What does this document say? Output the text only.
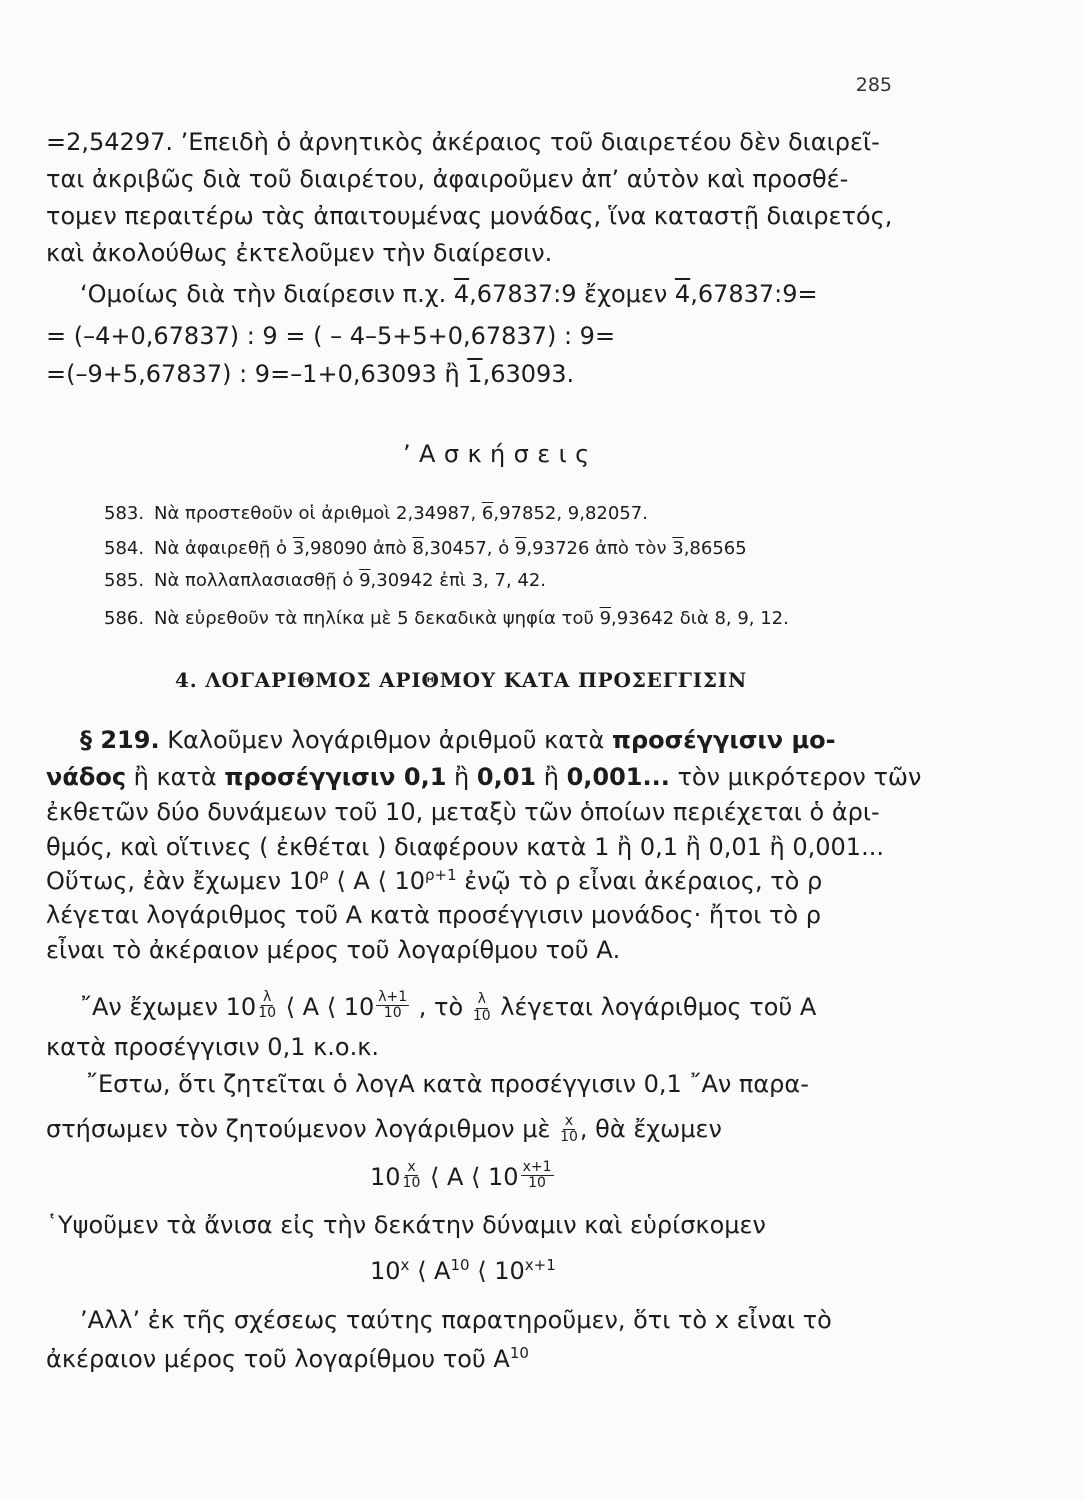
285
=2,54297. ’Επειδὴ ὁ ἀρνητικὸς ἀκέραιος τοῦ διαιρετέου δὲν διαιρεῖ-
ται ἀκριβῶς διὰ τοῦ διαιρέτου, ἀφαιροῦμεν ἀπ’ αὐτὸν καὶ προσθέ-
τομεν περαιτέρω τὰς ἀπαιτουμένας μονάδας, ἵνα καταστῇ διαιρετός,
καὶ ἀκολούθως ἐκτελοῦμεν τὴν διαίρεσιν.
‘Ομοίως διὰ τὴν διαίρεσιν π.χ. 4,67837:9 ἔχομεν 4,67837:9=
= (–4+0,67837) : 9 = ( – 4–5+5+0,67837) : 9=
=(–9+5,67837) : 9=–1+0,63093 ἢ 1,63093.
’Ασκήσεις
583. Νὰ προστεθοῦν οἱ ἀριθμοὶ 2,34987, 6,97852, 9,82057.
584. Νὰ ἀφαιρεθῇ ὁ 3,98090 ἀπὸ 8,30457, ὁ 9,93726 ἀπὸ τὸν 3,86565
585. Νὰ πολλαπλασιασθῇ ὁ 9,30942 ἐπὶ 3, 7, 42.
586. Νὰ εὑρεθοῦν τὰ πηλίκα μὲ 5 δεκαδικὰ ψηφία τοῦ 9,93642 διὰ 8, 9, 12.
4. ΛΟΓΑΡΙΘΜΟΣ ΑΡΙΘΜΟΥ ΚΑΤΑ ΠΡΟΣΕΓΓΙΣΙΝ
§ 219. Καλοῦμεν λογάριθμον ἀριθμοῦ κατὰ προσέγγισιν μο-
νάδος ἢ κατὰ προσέγγισιν 0,1 ἢ 0,01 ἢ 0,001... τὸν μικρότερον τῶν
ἐκθετῶν δύο δυνάμεων τοῦ 10, μεταξὺ τῶν ὁποίων περιέχεται ὁ ἀρι-
θμός, καὶ οἵτινες ( ἐκθέται ) διαφέρουν κατὰ 1 ἢ 0,1 ἢ 0,01 ἢ 0,001...
Οὕτως, ἐὰν ἔχωμεν $10^\rho$ ⟨ Α ⟨ $10^{\rho+1}$ ἐνῷ τὸ ρ εἶναι ἀκέραιος, τὸ ρ
λέγεται λογάριθμος τοῦ Α κατὰ προσέγγισιν μονάδος· ἤτοι τὸ ρ
εἶναι τὸ ἀκέραιον μέρος τοῦ λογαρίθμου τοῦ Α.
῎Αν ἔχωμεν $10 \frac{\lambda}{10}$ ⟨ Α ⟨ $10 \frac{\lambda+1}{10}$ , τὸ $\frac{\lambda}{10}$ λέγεται λογάριθμος τοῦ Α
κατὰ προσέγγισιν 0,1 κ.ο.κ.
῎Εστω, ὅτι ζητεῖται ὁ λογΑ κατὰ προσέγγισιν 0,1 ῎Αν παρα-
στήσωμεν τὸν ζητούμενον λογάριθμον μὲ $\frac{x}{10}$ , θὰ ἔχωμεν
$10 \frac{x}{10}$ ⟨ Α ⟨ $10 \frac{x+1}{10}$
῾Υψοῦμεν τὰ ἄνισα εἰς τὴν δεκάτην δύναμιν καὶ εὑρίσκομεν
10$^x$ ⟨ $A^{10}$ ⟨ $10^{x+1}$
’Αλλ’ ἐκ τῆς σχέσεως ταύτης παρατηροῦμεν, ὅτι τὸ x εἶναι τὸ
ἀκέραιον μέρος τοῦ λογαρίθμου τοῦ $A^{10}$
